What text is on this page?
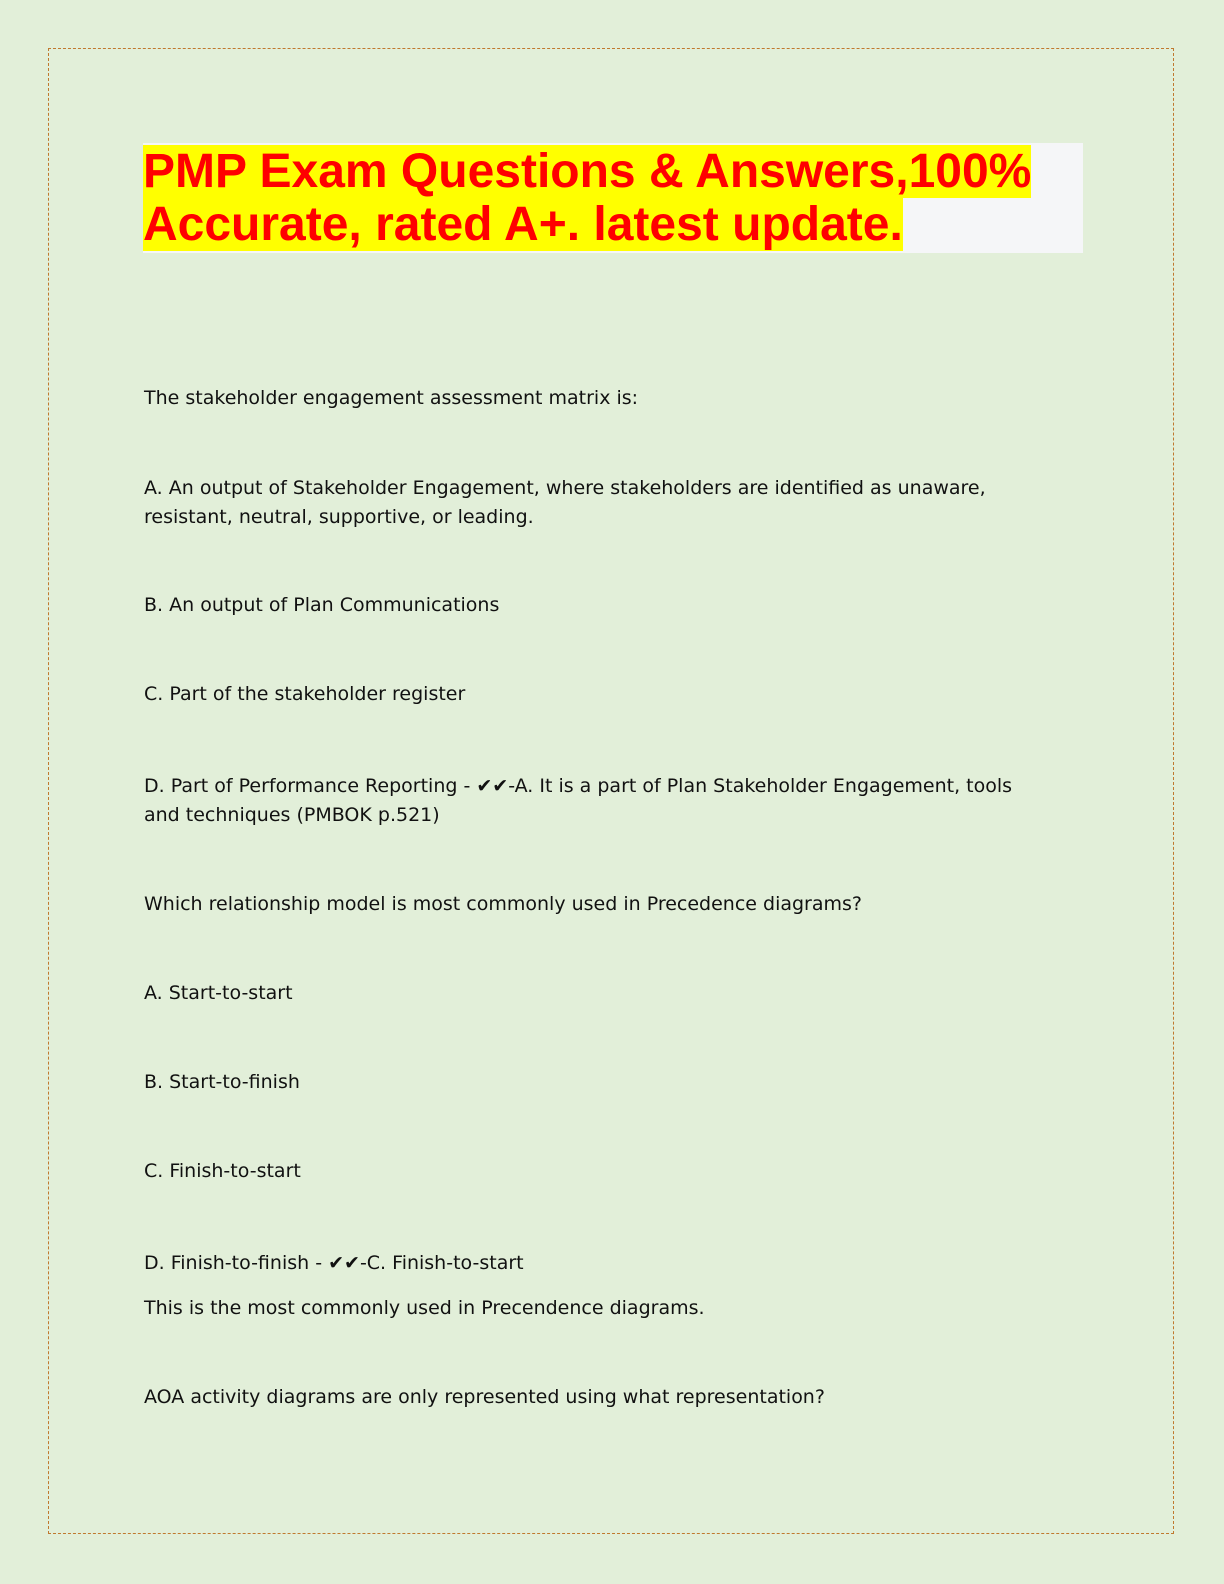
PMP Exam Questions & Answers,100%
Accurate, rated A+. latest update.

The stakeholder engagement assessment matrix is:

A. An output of Stakeholder Engagement, where stakeholders are identified as unaware, resistant, neutral, supportive, or leading.

B. An output of Plan Communications

C. Part of the stakeholder register

D. Part of Performance Reporting - ✔✔-A. It is a part of Plan Stakeholder Engagement, tools and techniques (PMBOK p.521)

Which relationship model is most commonly used in Precedence diagrams?

A. Start-to-start

B. Start-to-finish

C. Finish-to-start

D. Finish-to-finish - ✔✔-C. Finish-to-start

This is the most commonly used in Precendence diagrams.

AOA activity diagrams are only represented using what representation?
